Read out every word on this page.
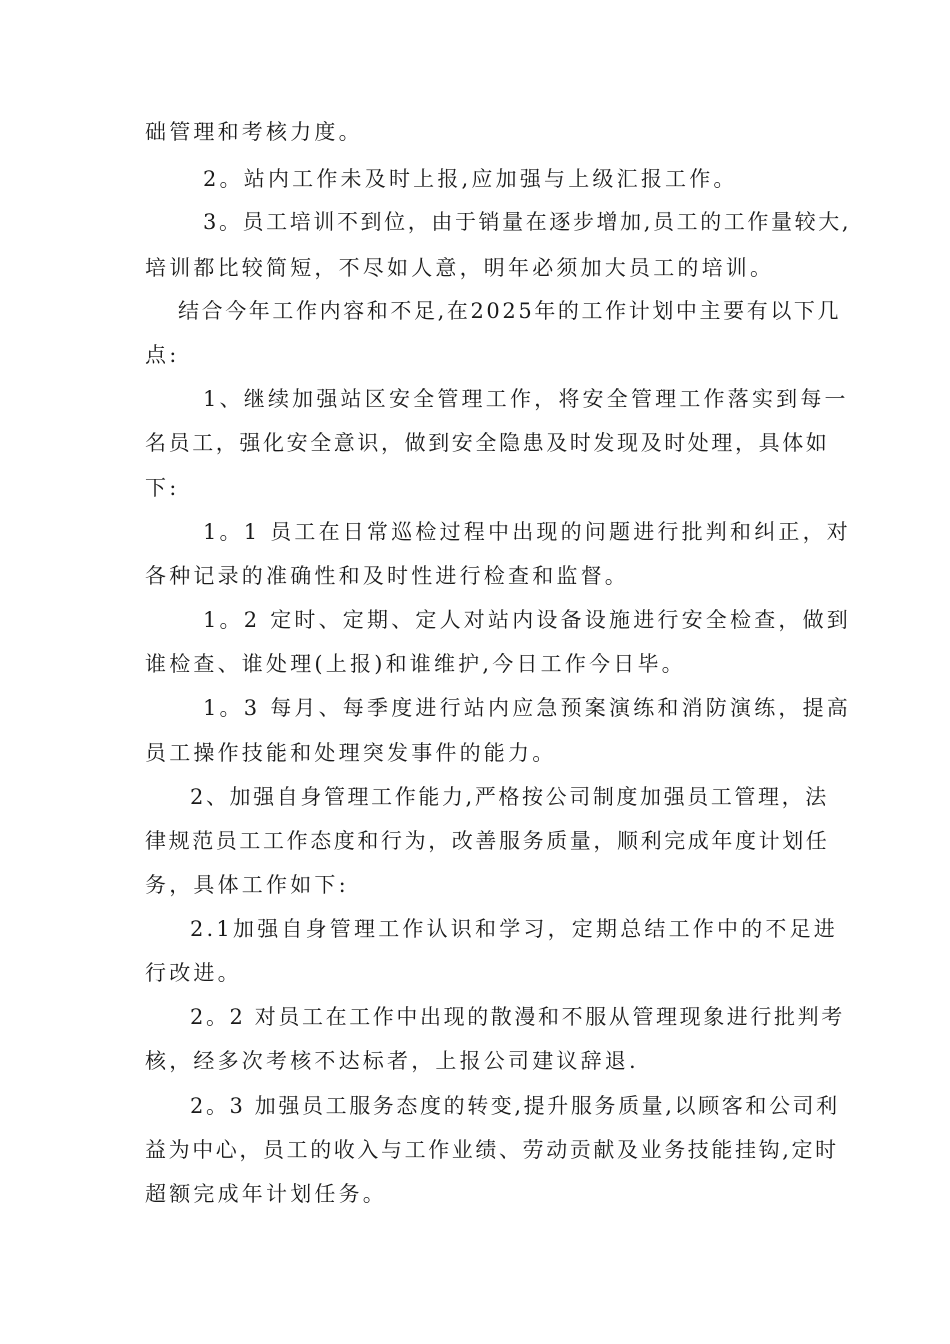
础管理和考核力度。
2。站内工作未及时上报,应加强与上级汇报工作。
3。员工培训不到位，由于销量在逐步增加,员工的工作量较大,
培训都比较简短，不尽如人意，明年必须加大员工的培训。
结合今年工作内容和不足,在2025年的工作计划中主要有以下几
点:
1、继续加强站区安全管理工作，将安全管理工作落实到每一
名员工，强化安全意识，做到安全隐患及时发现及时处理，具体如
下:
1。1 员工在日常巡检过程中出现的问题进行批判和纠正，对
各种记录的准确性和及时性进行检查和监督。
1。2 定时、定期、定人对站内设备设施进行安全检查，做到
谁检查、谁处理(上报)和谁维护,今日工作今日毕。
1。3 每月、每季度进行站内应急预案演练和消防演练，提高
员工操作技能和处理突发事件的能力。
2、加强自身管理工作能力,严格按公司制度加强员工管理，法
律规范员工工作态度和行为，改善服务质量，顺利完成年度计划任
务，具体工作如下:
2.1加强自身管理工作认识和学习，定期总结工作中的不足进
行改进。
2。2 对员工在工作中出现的散漫和不服从管理现象进行批判考
核，经多次考核不达标者，上报公司建议辞退.
2。3 加强员工服务态度的转变,提升服务质量,以顾客和公司利
益为中心，员工的收入与工作业绩、劳动贡献及业务技能挂钩,定时
超额完成年计划任务。
